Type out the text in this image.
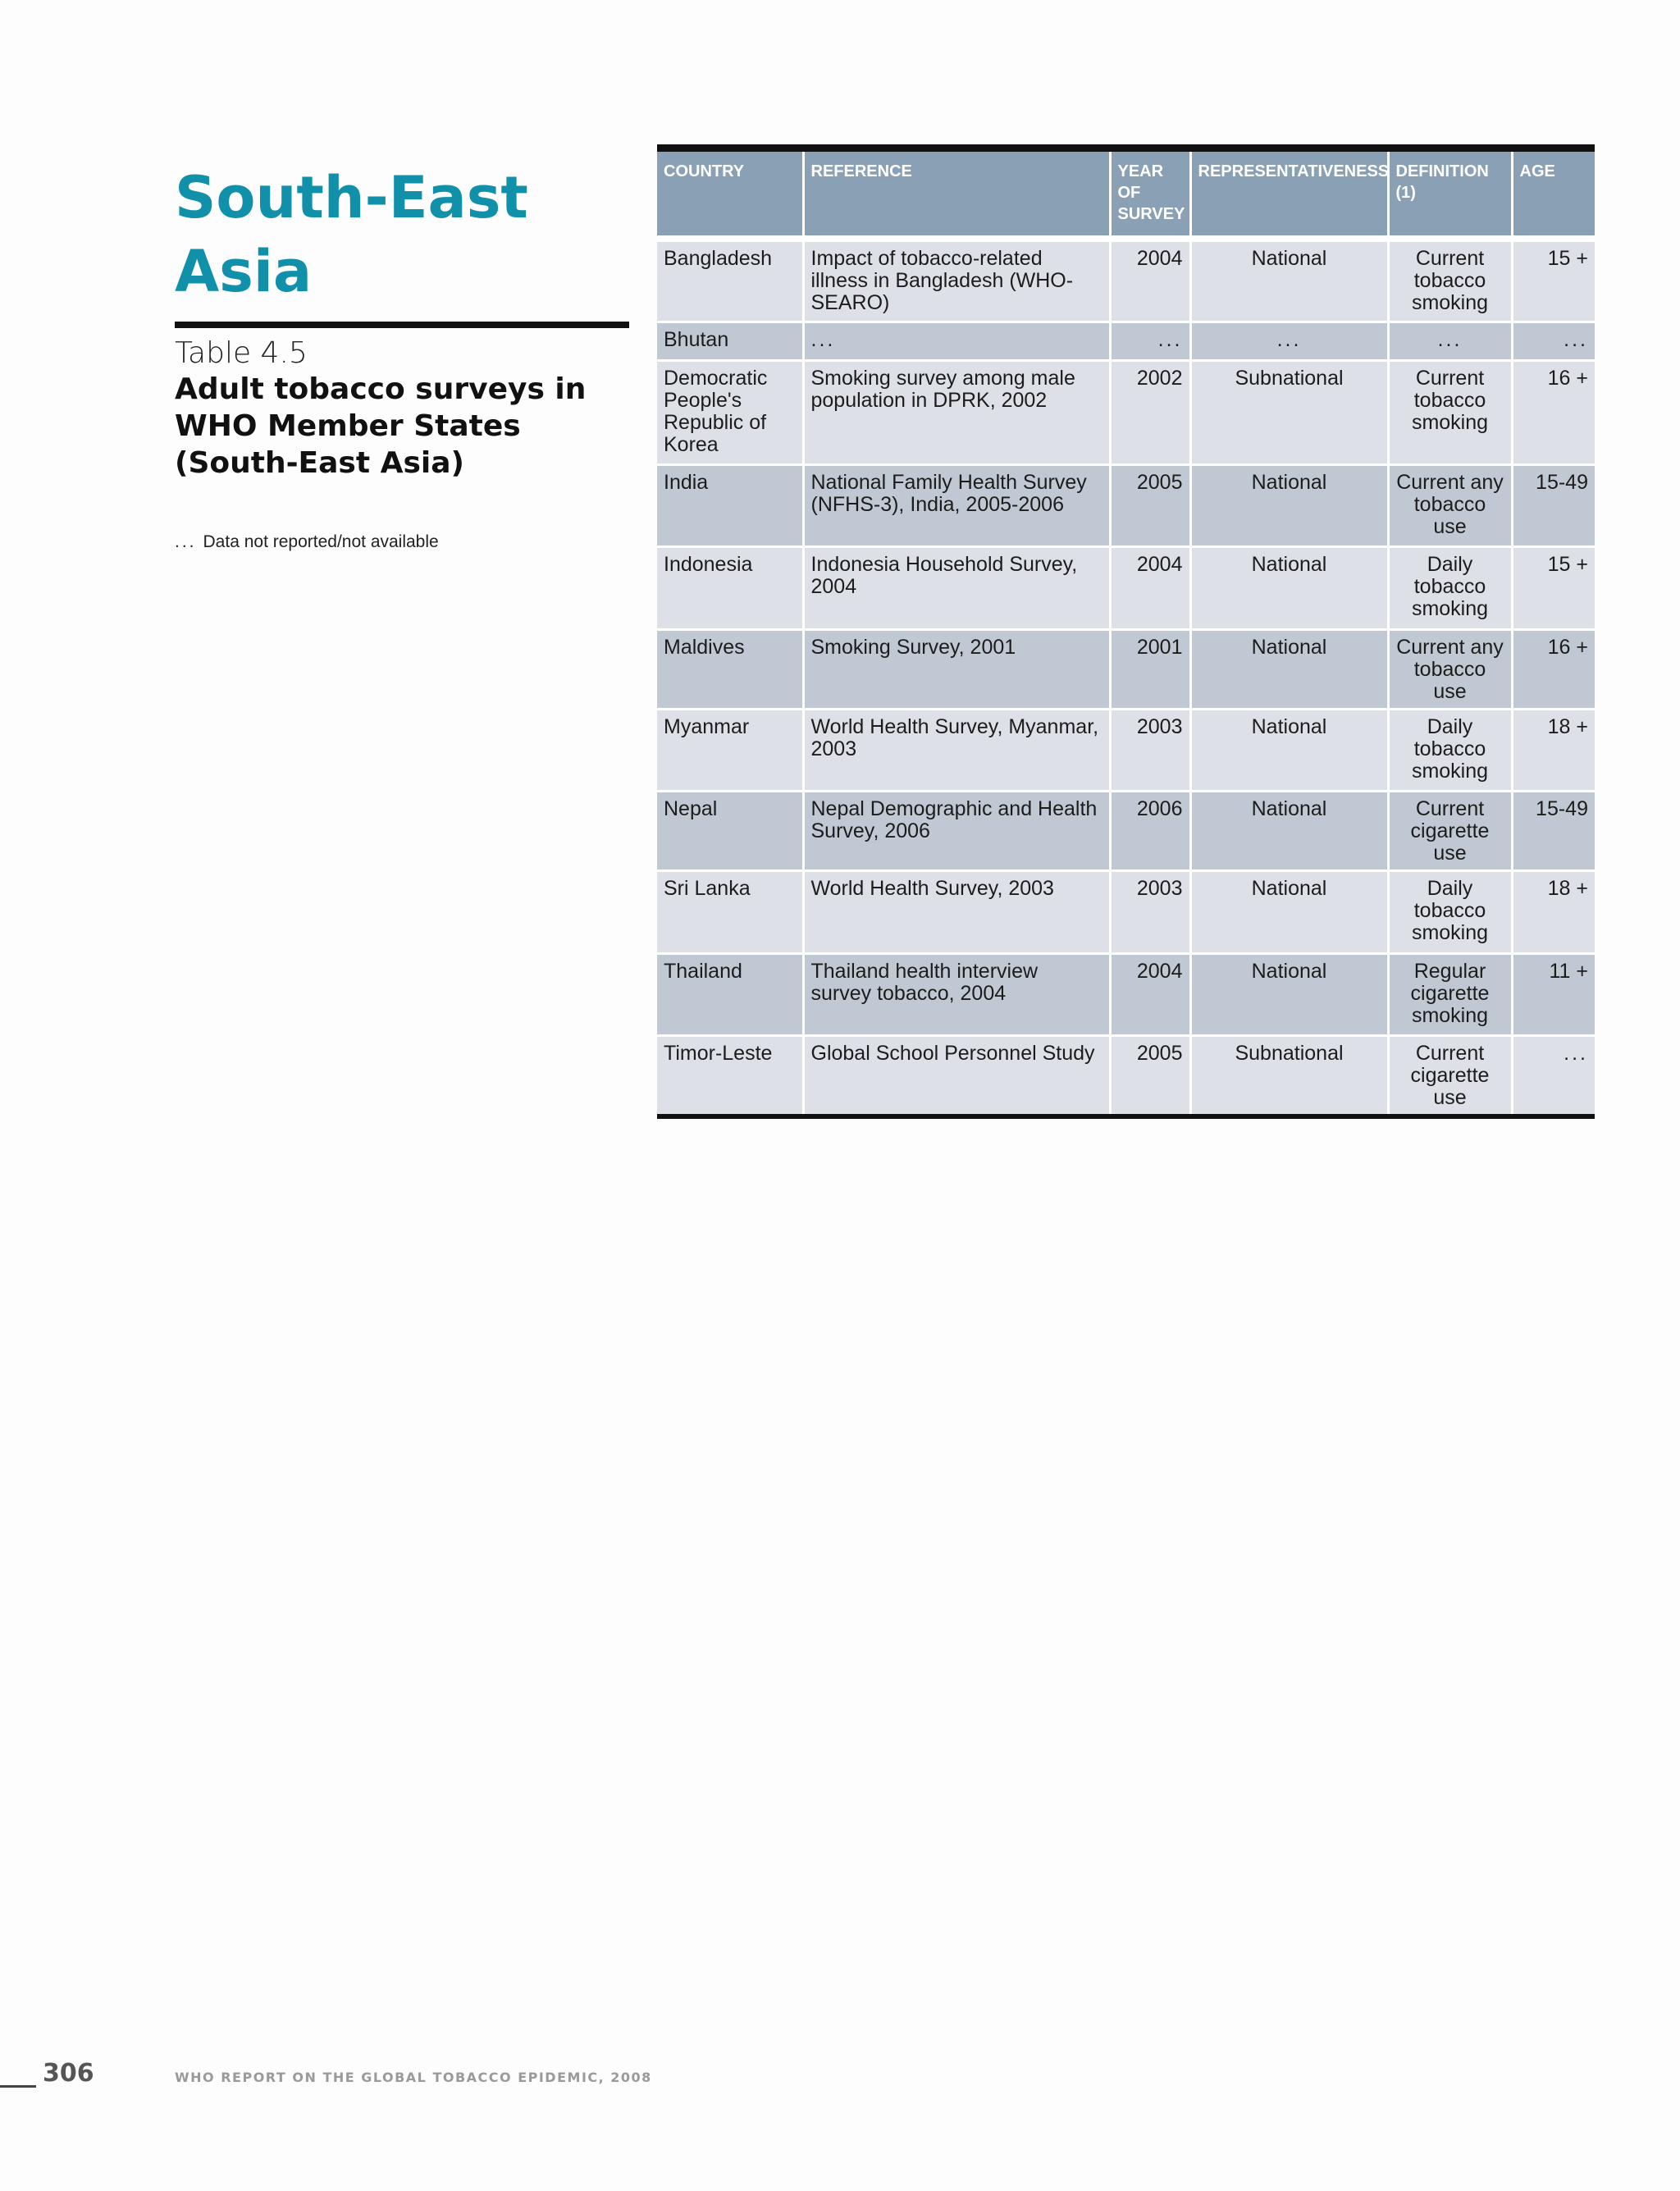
South-East Asia
Table 4.5
Adult tobacco surveys in WHO Member States (South-East Asia)
... Data not reported/not available
COUNTRY	REFERENCE	YEAR OF SURVEY	REPRESENTATIVENESS	DEFINITION (1)	AGE
Bangladesh	Impact of tobacco-related illness in Bangladesh (WHO-SEARO)	2004	National	Current tobacco smoking	15 +
Bhutan	...	...	...	...	...
Democratic People's Republic of Korea	Smoking survey among male population in DPRK, 2002	2002	Subnational	Current tobacco smoking	16 +
India	National Family Health Survey (NFHS-3), India, 2005-2006	2005	National	Current any tobacco use	15-49
Indonesia	Indonesia Household Survey, 2004	2004	National	Daily tobacco smoking	15 +
Maldives	Smoking Survey, 2001	2001	National	Current any tobacco use	16 +
Myanmar	World Health Survey, Myanmar, 2003	2003	National	Daily tobacco smoking	18 +
Nepal	Nepal Demographic and Health Survey, 2006	2006	National	Current cigarette use	15-49
Sri Lanka	World Health Survey, 2003	2003	National	Daily tobacco smoking	18 +
Thailand	Thailand health interview survey tobacco, 2004	2004	National	Regular cigarette smoking	11 +
Timor-Leste	Global School Personnel Study	2005	Subnational	Current cigarette use	...
306	WHO REPORT ON THE GLOBAL TOBACCO EPIDEMIC, 2008
